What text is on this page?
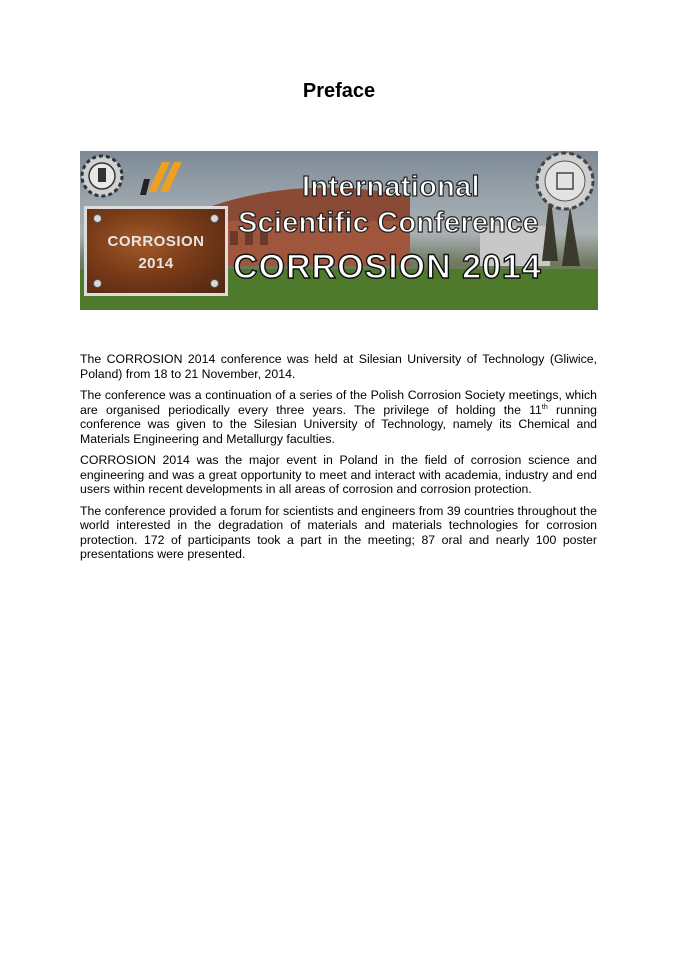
Preface
CORROSION
2014
International
Scientific Conference
CORROSION 2014

The CORROSION 2014 conference was held at Silesian University of Technology (Gliwice, Poland) from 18 to 21 November, 2014.

The conference was a continuation of a series of the Polish Corrosion Society meetings, which are organised periodically every three years. The privilege of holding the 11th running conference was given to the Silesian University of Technology, namely its Chemical and Materials Engineering and Metallurgy faculties.

CORROSION 2014 was the major event in Poland in the field of corrosion science and engineering and was a great opportunity to meet and interact with academia, industry and end users within recent developments in all areas of corrosion and corrosion protection.

The conference provided a forum for scientists and engineers from 39 countries throughout the world interested in the degradation of materials and materials technologies for corrosion protection. 172 of participants took a part in the meeting; 87 oral and nearly 100 poster presentations were presented.
